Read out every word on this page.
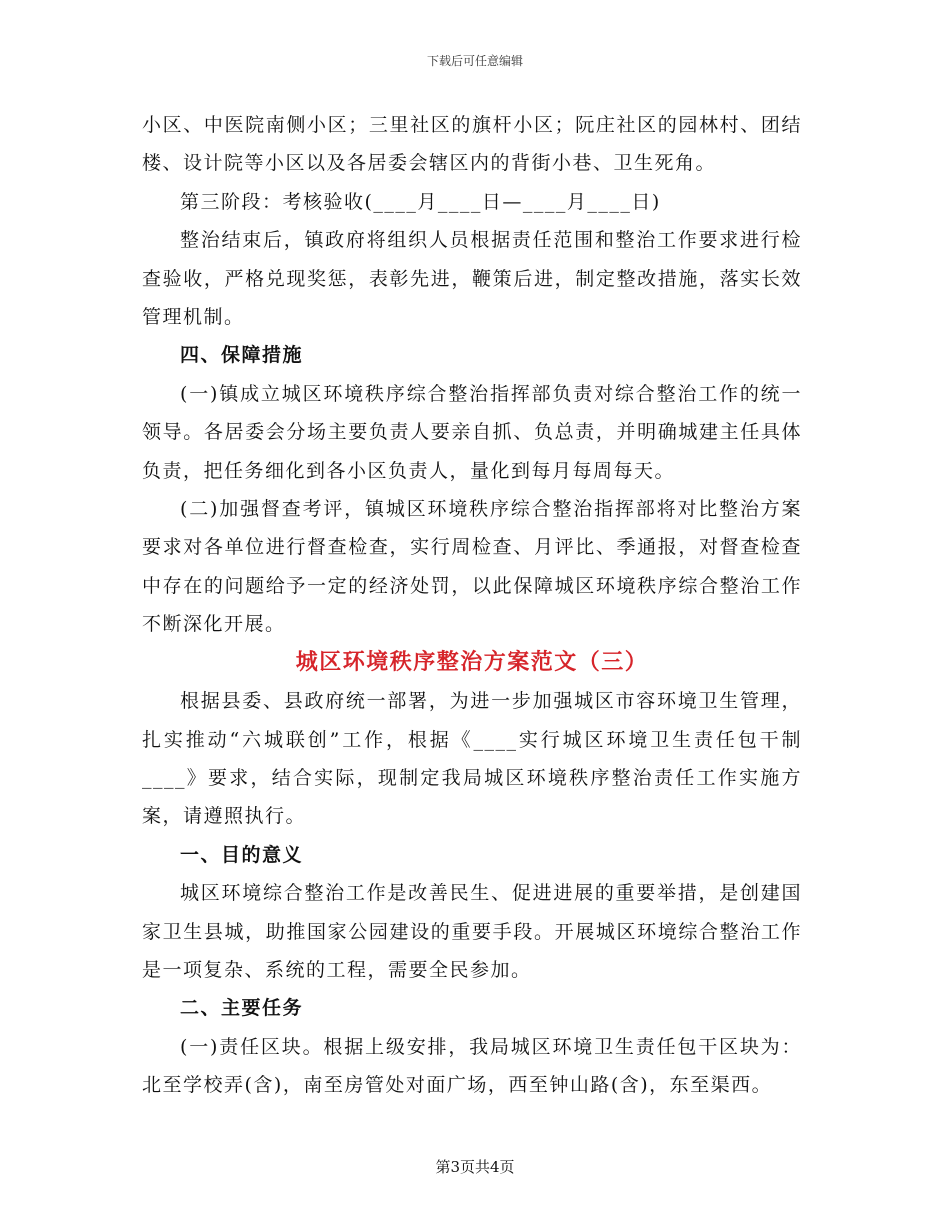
下载后可任意编辑

小区、中医院南侧小区；三里社区的旗杆小区；阮庄社区的园林村、团结楼、设计院等小区以及各居委会辖区内的背街小巷、卫生死角。

第三阶段：考核验收(____月____日—____月____日)

整治结束后，镇政府将组织人员根据责任范围和整治工作要求进行检查验收，严格兑现奖惩，表彰先进，鞭策后进，制定整改措施，落实长效管理机制。

四、保障措施

(一)镇成立城区环境秩序综合整治指挥部负责对综合整治工作的统一领导。各居委会分场主要负责人要亲自抓、负总责，并明确城建主任具体负责，把任务细化到各小区负责人，量化到每月每周每天。

(二)加强督查考评，镇城区环境秩序综合整治指挥部将对比整治方案要求对各单位进行督查检查，实行周检查、月评比、季通报，对督查检查中存在的问题给予一定的经济处罚，以此保障城区环境秩序综合整治工作不断深化开展。

城区环境秩序整治方案范文（三）

根据县委、县政府统一部署，为进一步加强城区市容环境卫生管理，扎实推动“六城联创”工作，根据《____实行城区环境卫生责任包干制____》要求，结合实际，现制定我局城区环境秩序整治责任工作实施方案，请遵照执行。

一、目的意义

城区环境综合整治工作是改善民生、促进进展的重要举措，是创建国家卫生县城，助推国家公园建设的重要手段。开展城区环境综合整治工作是一项复杂、系统的工程，需要全民参加。

二、主要任务

(一)责任区块。根据上级安排，我局城区环境卫生责任包干区块为：北至学校弄(含)，南至房管处对面广场，西至钟山路(含)，东至渠西。

第3页共4页
